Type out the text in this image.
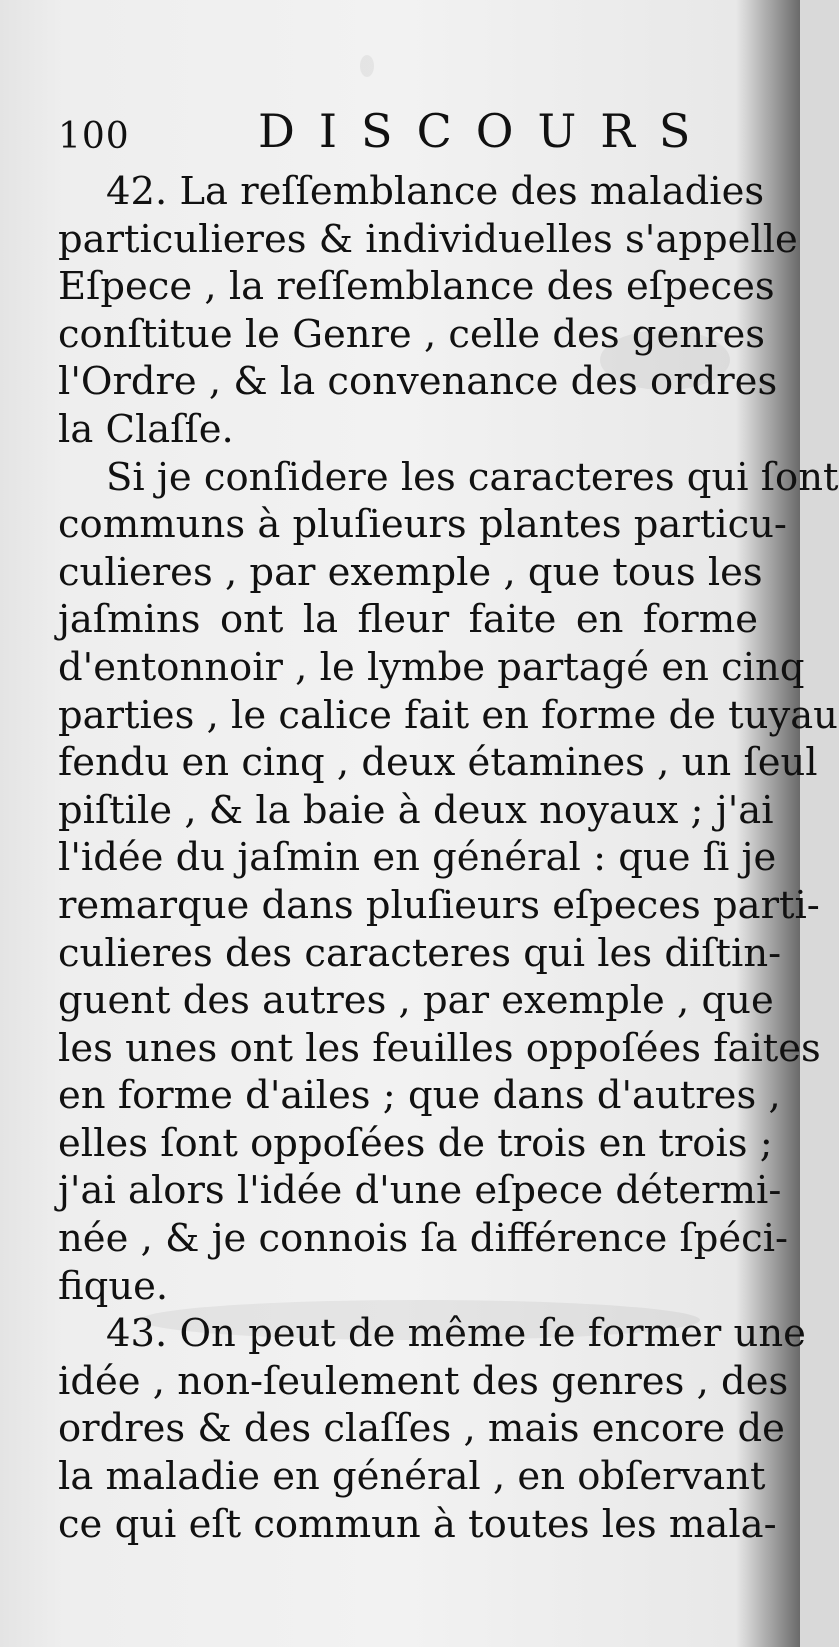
100	DISCOURS
42. La reſſemblance des maladies
particulieres & individuelles s'appelle
Eſpece , la reſſemblance des eſpeces
conſtitue le Genre , celle des genres
l'Ordre , & la convenance des ordres
la Claſſe.
Si je conſidere les caracteres qui ſont
communs à pluſieurs plantes particu-
culieres , par exemple , que tous les
jaſmins ont la fleur faite en forme
d'entonnoir , le lymbe partagé en cinq
parties , le calice fait en forme de tuyau
fendu en cinq , deux étamines , un ſeul
piſtile , & la baie à deux noyaux ; j'ai
l'idée du jaſmin en général : que ſi je
remarque dans pluſieurs eſpeces parti-
culieres des caracteres qui les diſtin-
guent des autres , par exemple , que
les unes ont les feuilles oppoſées faites
en forme d'ailes ; que dans d'autres ,
elles ſont oppoſées de trois en trois ;
j'ai alors l'idée d'une eſpece détermi-
née , & je connois ſa différence ſpéci-
fique.
43. On peut de même ſe former une
idée , non-ſeulement des genres , des
ordres & des claſſes , mais encore de
la maladie en général , en obſervant
ce qui eſt commun à toutes les mala-
